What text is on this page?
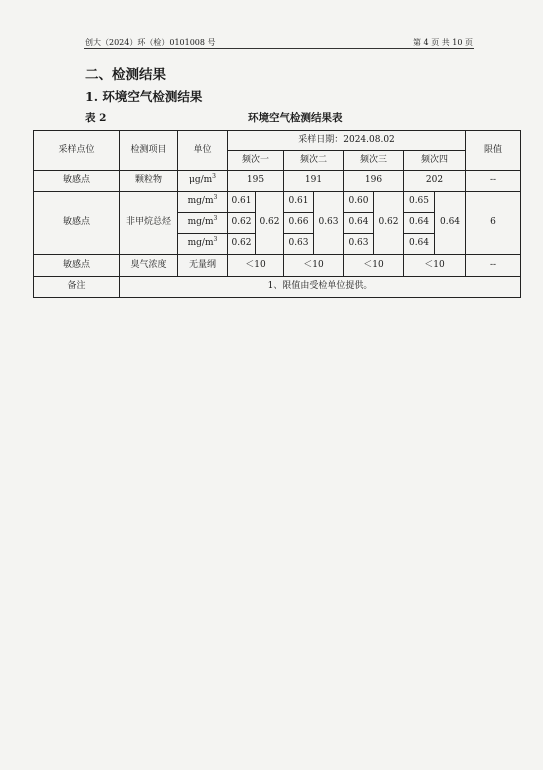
创大（2024）环（检）0101008 号	第 4 页 共 10 页
二、检测结果
1. 环境空气检测结果
表 2	环境空气检测结果表
采样点位	检测项目	单位	采样日期：2024.08.02								限值
			频次一		频次二		频次三		频次四		
敏感点	颗粒物	$\mu g/m^3$	195		191		196		202		--
敏感点	非甲烷总烃	$mg/m^3$	0.61	0.62	0.61	0.63	0.60	0.62	0.65	0.64	6
		$mg/m^3$	0.62		0.66		0.64		0.64		
		$mg/m^3$	0.62		0.63		0.63		0.64		
敏感点	臭气浓度	无量纲	＜10		＜10		＜10		＜10		--
备注	1、限值由受检单位提供。										
